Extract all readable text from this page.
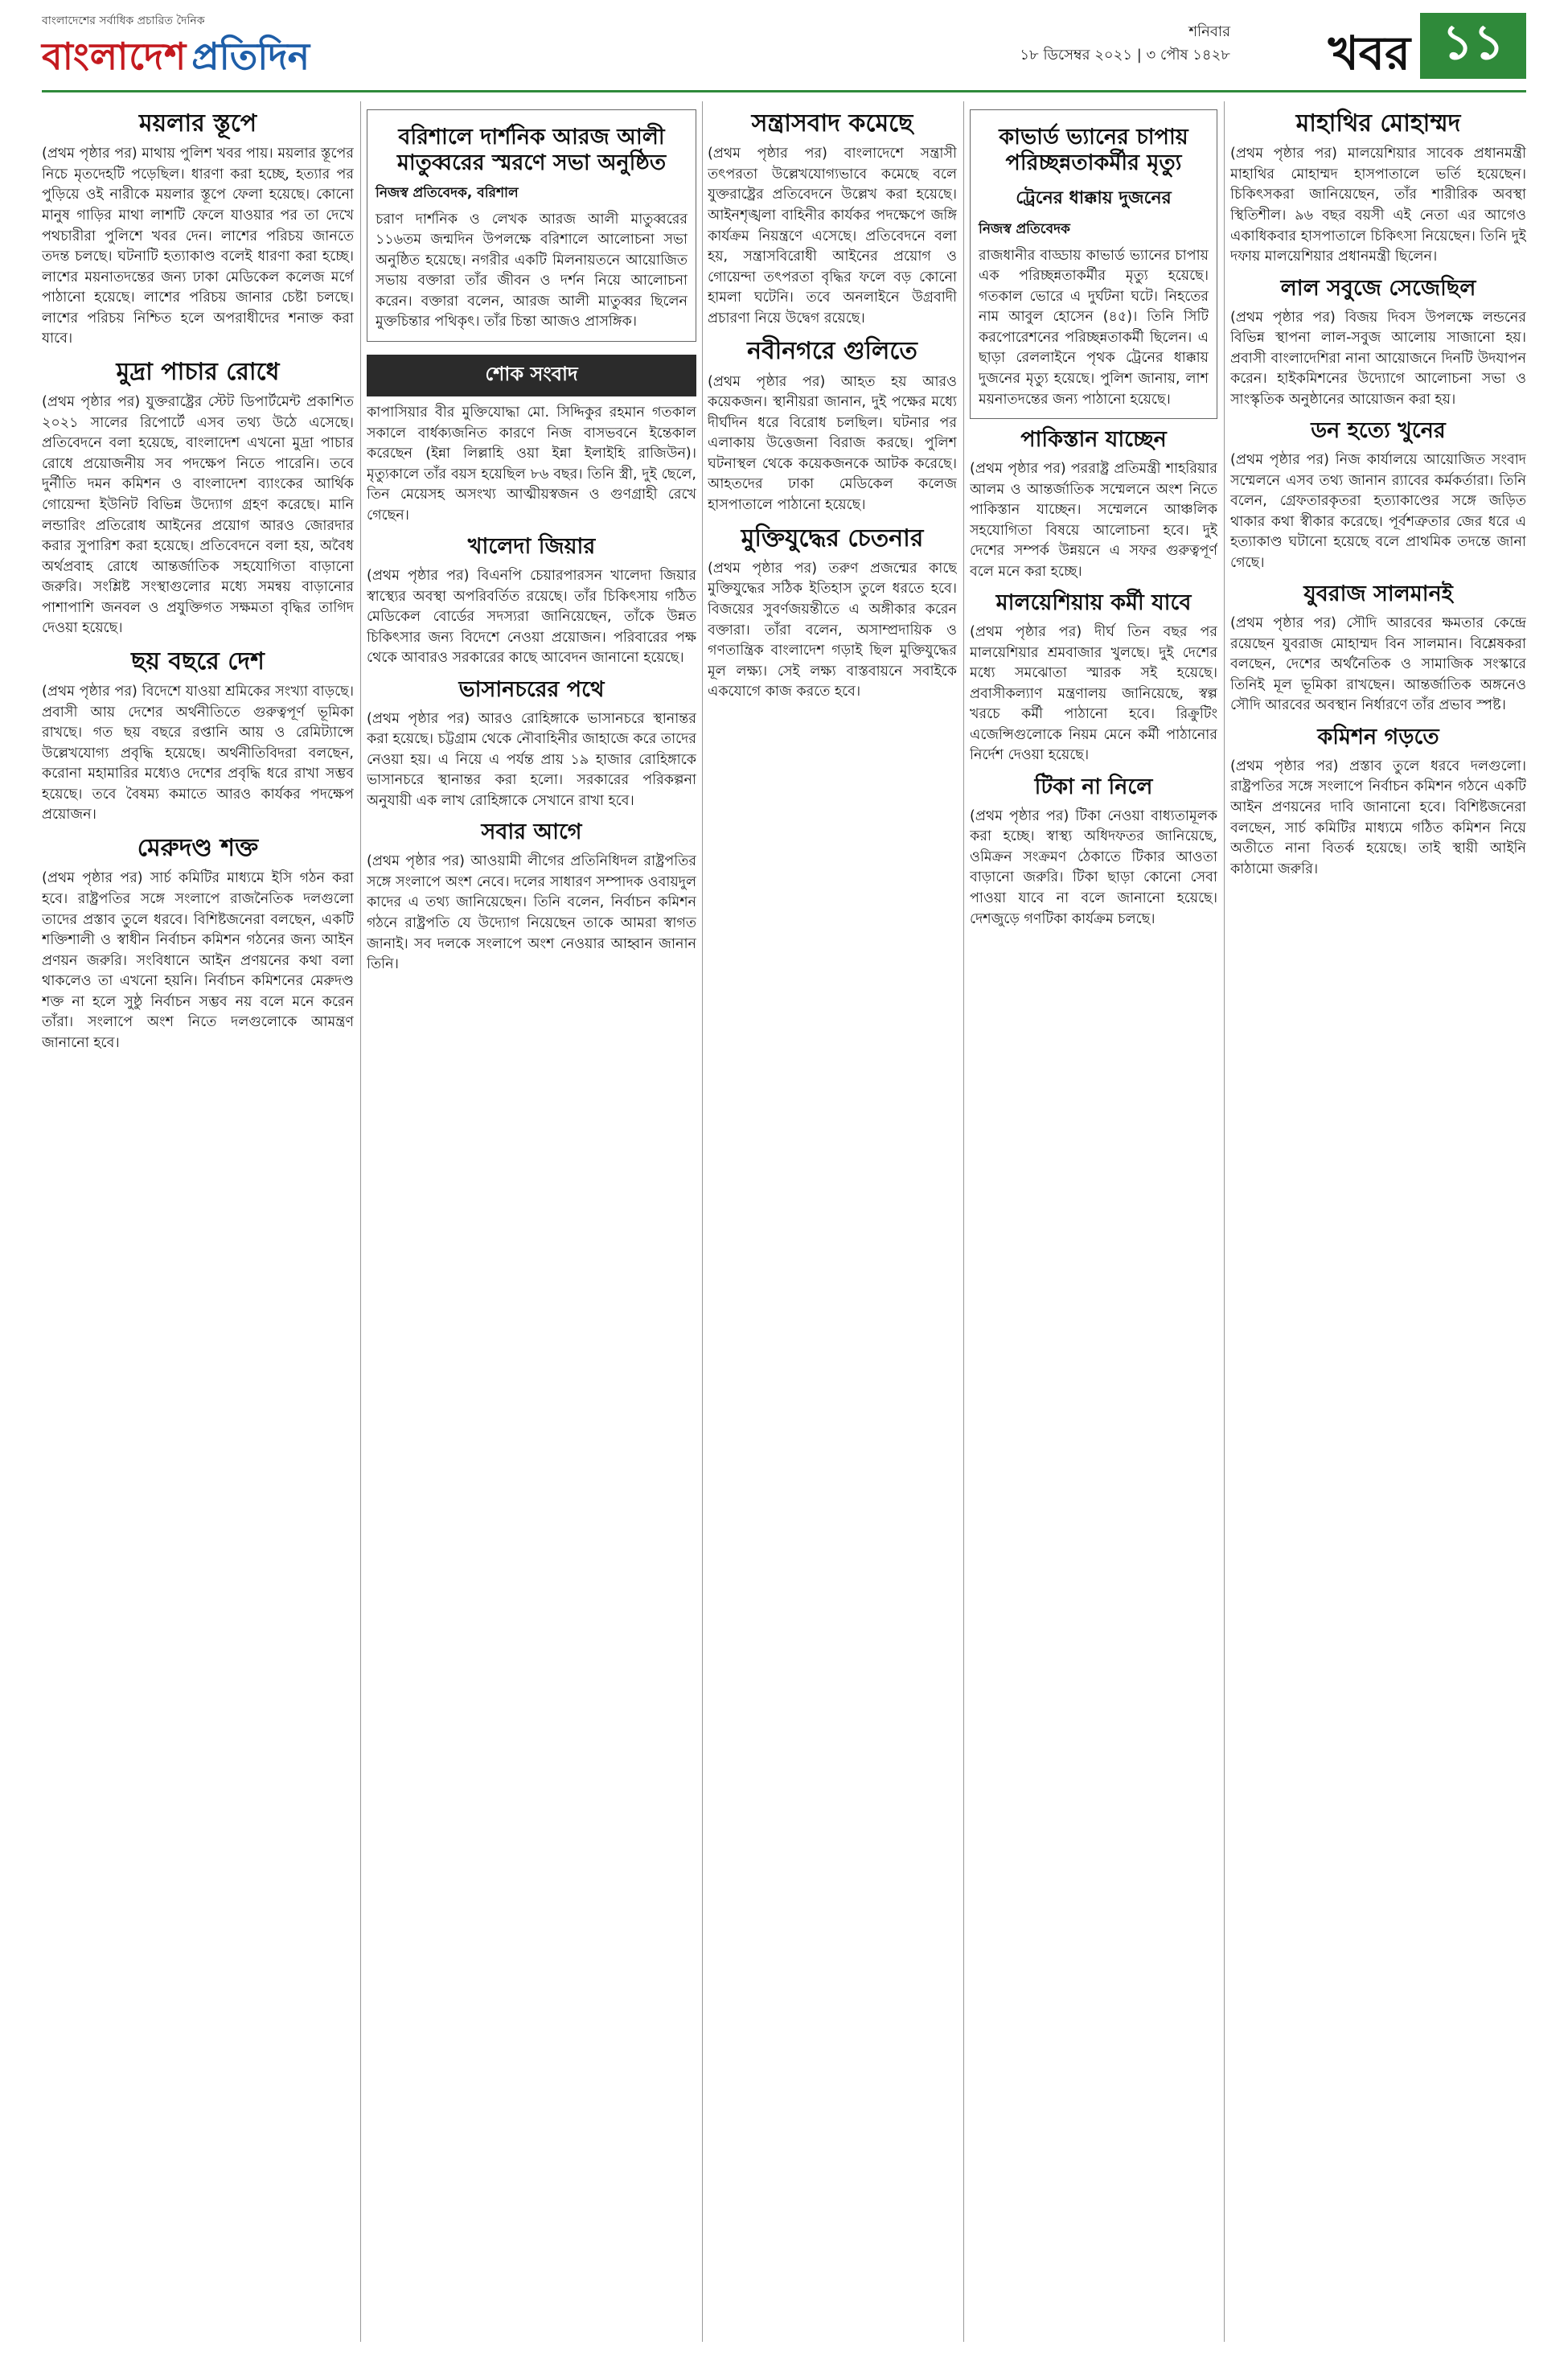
বাংলাদেশের সর্বাধিক প্রচারিত দৈনিক
বাংলাদেশ প্রতিদিন
শনিবার
১৮ ডিসেম্বর ২০২১ | ৩ পৌষ ১৪২৮ খবর ১১
ময়লার স্তূপে

(প্রথম পৃষ্ঠার পর) মাথায় পুলিশ খবর পায়। ময়লার স্তূপের নিচে মৃতদেহটি পড়েছিল। ধারণা করা হচ্ছে, হত্যার পর পুড়িয়ে ওই নারীকে ময়লার স্তূপে ফেলা হয়েছে। কোনো মানুষ গাড়ির মাথা লাশটি ফেলে যাওয়ার পর তা দেখে পথচারীরা পুলিশে খবর দেন। লাশের পরিচয় জানতে তদন্ত চলছে। ঘটনাটি হত্যাকাণ্ড বলেই ধারণা করা হচ্ছে। লাশের ময়নাতদন্তের জন্য ঢাকা মেডিকেল কলেজ মর্গে পাঠানো হয়েছে। লাশের পরিচয় জানার চেষ্টা চলছে। লাশের পরিচয় নিশ্চিত হলে অপরাধীদের শনাক্ত করা যাবে।

মুদ্রা পাচার রোধে

(প্রথম পৃষ্ঠার পর) যুক্তরাষ্ট্রের স্টেট ডিপার্টমেন্ট প্রকাশিত ২০২১ সালের রিপোর্টে এসব তথ্য উঠে এসেছে। প্রতিবেদনে বলা হয়েছে, বাংলাদেশ এখনো মুদ্রা পাচার রোধে প্রয়োজনীয় সব পদক্ষেপ নিতে পারেনি। তবে দুর্নীতি দমন কমিশন ও বাংলাদেশ ব্যাংকের আর্থিক গোয়েন্দা ইউনিট বিভিন্ন উদ্যোগ গ্রহণ করেছে। মানি লন্ডারিং প্রতিরোধ আইনের প্রয়োগ আরও জোরদার করার সুপারিশ করা হয়েছে। প্রতিবেদনে বলা হয়, অবৈধ অর্থপ্রবাহ রোধে আন্তর্জাতিক সহযোগিতা বাড়ানো জরুরি। সংশ্লিষ্ট সংস্থাগুলোর মধ্যে সমন্বয় বাড়ানোর পাশাপাশি জনবল ও প্রযুক্তিগত সক্ষমতা বৃদ্ধির তাগিদ দেওয়া হয়েছে।

ছয় বছরে দেশ

(প্রথম পৃষ্ঠার পর) বিদেশে যাওয়া শ্রমিকের সংখ্যা বাড়ছে। প্রবাসী আয় দেশের অর্থনীতিতে গুরুত্বপূর্ণ ভূমিকা রাখছে। গত ছয় বছরে রপ্তানি আয় ও রেমিট্যান্সে উল্লেখযোগ্য প্রবৃদ্ধি হয়েছে। অর্থনীতিবিদরা বলছেন, করোনা মহামারির মধ্যেও দেশের প্রবৃদ্ধি ধরে রাখা সম্ভব হয়েছে। তবে বৈষম্য কমাতে আরও কার্যকর পদক্ষেপ প্রয়োজন।

মেরুদণ্ড শক্ত

(প্রথম পৃষ্ঠার পর) সার্চ কমিটির মাধ্যমে ইসি গঠন করা হবে। রাষ্ট্রপতির সঙ্গে সংলাপে রাজনৈতিক দলগুলো তাদের প্রস্তাব তুলে ধরবে। বিশিষ্টজনেরা বলছেন, একটি শক্তিশালী ও স্বাধীন নির্বাচন কমিশন গঠনের জন্য আইন প্রণয়ন জরুরি। সংবিধানে আইন প্রণয়নের কথা বলা থাকলেও তা এখনো হয়নি। নির্বাচন কমিশনের মেরুদণ্ড শক্ত না হলে সুষ্ঠু নির্বাচন সম্ভব নয় বলে মনে করেন তাঁরা। সংলাপে অংশ নিতে দলগুলোকে আমন্ত্রণ জানানো হবে।

বরিশালে দার্শনিক আরজ আলী মাতুব্বরের স্মরণে সভা অনুষ্ঠিত
নিজস্ব প্রতিবেদক, বরিশাল

চরাণ দার্শনিক ও লেখক আরজ আলী মাতুব্বরের ১১৬তম জন্মদিন উপলক্ষে বরিশালে আলোচনা সভা অনুষ্ঠিত হয়েছে। নগরীর একটি মিলনায়তনে আয়োজিত সভায় বক্তারা তাঁর জীবন ও দর্শন নিয়ে আলোচনা করেন। বক্তারা বলেন, আরজ আলী মাতুব্বর ছিলেন মুক্তচিন্তার পথিকৃৎ। তাঁর চিন্তা আজও প্রাসঙ্গিক।

শোক সংবাদ

কাপাসিয়ার বীর মুক্তিযোদ্ধা মো. সিদ্দিকুর রহমান গতকাল সকালে বার্ধক্যজনিত কারণে নিজ বাসভবনে ইন্তেকাল করেছেন (ইন্না লিল্লাহি ওয়া ইন্না ইলাইহি রাজিউন)। মৃত্যুকালে তাঁর বয়স হয়েছিল ৮৬ বছর। তিনি স্ত্রী, দুই ছেলে, তিন মেয়েসহ অসংখ্য আত্মীয়স্বজন ও গুণগ্রাহী রেখে গেছেন।

খালেদা জিয়ার

(প্রথম পৃষ্ঠার পর) বিএনপি চেয়ারপারসন খালেদা জিয়ার স্বাস্থ্যের অবস্থা অপরিবর্তিত রয়েছে। তাঁর চিকিৎসায় গঠিত মেডিকেল বোর্ডের সদস্যরা জানিয়েছেন, তাঁকে উন্নত চিকিৎসার জন্য বিদেশে নেওয়া প্রয়োজন। পরিবারের পক্ষ থেকে আবারও সরকারের কাছে আবেদন জানানো হয়েছে।

ভাসানচরের পথে

(প্রথম পৃষ্ঠার পর) আরও রোহিঙ্গাকে ভাসানচরে স্থানান্তর করা হয়েছে। চট্টগ্রাম থেকে নৌবাহিনীর জাহাজে করে তাদের নেওয়া হয়। এ নিয়ে এ পর্যন্ত প্রায় ১৯ হাজার রোহিঙ্গাকে ভাসানচরে স্থানান্তর করা হলো। সরকারের পরিকল্পনা অনুযায়ী এক লাখ রোহিঙ্গাকে সেখানে রাখা হবে।

সবার আগে

(প্রথম পৃষ্ঠার পর) আওয়ামী লীগের প্রতিনিধিদল রাষ্ট্রপতির সঙ্গে সংলাপে অংশ নেবে। দলের সাধারণ সম্পাদক ওবায়দুল কাদের এ তথ্য জানিয়েছেন। তিনি বলেন, নির্বাচন কমিশন গঠনে রাষ্ট্রপতি যে উদ্যোগ নিয়েছেন তাকে আমরা স্বাগত জানাই। সব দলকে সংলাপে অংশ নেওয়ার আহ্বান জানান তিনি।

সন্ত্রাসবাদ কমেছে

(প্রথম পৃষ্ঠার পর) বাংলাদেশে সন্ত্রাসী তৎপরতা উল্লেখযোগ্যভাবে কমেছে বলে যুক্তরাষ্ট্রের প্রতিবেদনে উল্লেখ করা হয়েছে। আইনশৃঙ্খলা বাহিনীর কার্যকর পদক্ষেপে জঙ্গি কার্যক্রম নিয়ন্ত্রণে এসেছে। প্রতিবেদনে বলা হয়, সন্ত্রাসবিরোধী আইনের প্রয়োগ ও গোয়েন্দা তৎপরতা বৃদ্ধির ফলে বড় কোনো হামলা ঘটেনি। তবে অনলাইনে উগ্রবাদী প্রচারণা নিয়ে উদ্বেগ রয়েছে।

নবীনগরে গুলিতে

(প্রথম পৃষ্ঠার পর) আহত হয় আরও কয়েকজন। স্থানীয়রা জানান, দুই পক্ষের মধ্যে দীর্ঘদিন ধরে বিরোধ চলছিল। ঘটনার পর এলাকায় উত্তেজনা বিরাজ করছে। পুলিশ ঘটনাস্থল থেকে কয়েকজনকে আটক করেছে। আহতদের ঢাকা মেডিকেল কলেজ হাসপাতালে পাঠানো হয়েছে।

মুক্তিযুদ্ধের চেতনার

(প্রথম পৃষ্ঠার পর) তরুণ প্রজন্মের কাছে মুক্তিযুদ্ধের সঠিক ইতিহাস তুলে ধরতে হবে। বিজয়ের সুবর্ণজয়ন্তীতে এ অঙ্গীকার করেন বক্তারা। তাঁরা বলেন, অসাম্প্রদায়িক ও গণতান্ত্রিক বাংলাদেশ গড়াই ছিল মুক্তিযুদ্ধের মূল লক্ষ্য। সেই লক্ষ্য বাস্তবায়নে সবাইকে একযোগে কাজ করতে হবে।

কাভার্ড ভ্যানের চাপায় পরিচ্ছন্নতাকর্মীর মৃত্যু
ট্রেনের ধাক্কায় দুজনের
নিজস্ব প্রতিবেদক

রাজধানীর বাড্ডায় কাভার্ড ভ্যানের চাপায় এক পরিচ্ছন্নতাকর্মীর মৃত্যু হয়েছে। গতকাল ভোরে এ দুর্ঘটনা ঘটে। নিহতের নাম আবুল হোসেন (৪৫)। তিনি সিটি করপোরেশনের পরিচ্ছন্নতাকর্মী ছিলেন। এ ছাড়া রেললাইনে পৃথক ট্রেনের ধাক্কায় দুজনের মৃত্যু হয়েছে। পুলিশ জানায়, লাশ ময়নাতদন্তের জন্য পাঠানো হয়েছে।

পাকিস্তান যাচ্ছেন

(প্রথম পৃষ্ঠার পর) পররাষ্ট্র প্রতিমন্ত্রী শাহরিয়ার আলম ও আন্তর্জাতিক সম্মেলনে অংশ নিতে পাকিস্তান যাচ্ছেন। সম্মেলনে আঞ্চলিক সহযোগিতা বিষয়ে আলোচনা হবে। দুই দেশের সম্পর্ক উন্নয়নে এ সফর গুরুত্বপূর্ণ বলে মনে করা হচ্ছে।

মালয়েশিয়ায় কর্মী যাবে

(প্রথম পৃষ্ঠার পর) দীর্ঘ তিন বছর পর মালয়েশিয়ার শ্রমবাজার খুলছে। দুই দেশের মধ্যে সমঝোতা স্মারক সই হয়েছে। প্রবাসীকল্যাণ মন্ত্রণালয় জানিয়েছে, স্বল্প খরচে কর্মী পাঠানো হবে। রিক্রুটিং এজেন্সিগুলোকে নিয়ম মেনে কর্মী পাঠানোর নির্দেশ দেওয়া হয়েছে।

টিকা না নিলে

(প্রথম পৃষ্ঠার পর) টিকা নেওয়া বাধ্যতামূলক করা হচ্ছে। স্বাস্থ্য অধিদফতর জানিয়েছে, ওমিক্রন সংক্রমণ ঠেকাতে টিকার আওতা বাড়ানো জরুরি। টিকা ছাড়া কোনো সেবা পাওয়া যাবে না বলে জানানো হয়েছে। দেশজুড়ে গণটিকা কার্যক্রম চলছে।

মাহাথির মোহাম্মদ

(প্রথম পৃষ্ঠার পর) মালয়েশিয়ার সাবেক প্রধানমন্ত্রী মাহাথির মোহাম্মদ হাসপাতালে ভর্তি হয়েছেন। চিকিৎসকরা জানিয়েছেন, তাঁর শারীরিক অবস্থা স্থিতিশীল। ৯৬ বছর বয়সী এই নেতা এর আগেও একাধিকবার হাসপাতালে চিকিৎসা নিয়েছেন। তিনি দুই দফায় মালয়েশিয়ার প্রধানমন্ত্রী ছিলেন।

লাল সবুজে সেজেছিল

(প্রথম পৃষ্ঠার পর) বিজয় দিবস উপলক্ষে লন্ডনের বিভিন্ন স্থাপনা লাল-সবুজ আলোয় সাজানো হয়। প্রবাসী বাংলাদেশিরা নানা আয়োজনে দিনটি উদযাপন করেন। হাইকমিশনের উদ্যোগে আলোচনা সভা ও সাংস্কৃতিক অনুষ্ঠানের আয়োজন করা হয়।

ডন হত্যে খুনের

(প্রথম পৃষ্ঠার পর) নিজ কার্যালয়ে আয়োজিত সংবাদ সম্মেলনে এসব তথ্য জানান র‍্যাবের কর্মকর্তারা। তিনি বলেন, গ্রেফতারকৃতরা হত্যাকাণ্ডের সঙ্গে জড়িত থাকার কথা স্বীকার করেছে। পূর্বশত্রুতার জের ধরে এ হত্যাকাণ্ড ঘটানো হয়েছে বলে প্রাথমিক তদন্তে জানা গেছে।

যুবরাজ সালমানই

(প্রথম পৃষ্ঠার পর) সৌদি আরবের ক্ষমতার কেন্দ্রে রয়েছেন যুবরাজ মোহাম্মদ বিন সালমান। বিশ্লেষকরা বলছেন, দেশের অর্থনৈতিক ও সামাজিক সংস্কারে তিনিই মূল ভূমিকা রাখছেন। আন্তর্জাতিক অঙ্গনেও সৌদি আরবের অবস্থান নির্ধারণে তাঁর প্রভাব স্পষ্ট।

কমিশন গড়তে

(প্রথম পৃষ্ঠার পর) প্রস্তাব তুলে ধরবে দলগুলো। রাষ্ট্রপতির সঙ্গে সংলাপে নির্বাচন কমিশন গঠনে একটি আইন প্রণয়নের দাবি জানানো হবে। বিশিষ্টজনেরা বলছেন, সার্চ কমিটির মাধ্যমে গঠিত কমিশন নিয়ে অতীতে নানা বিতর্ক হয়েছে। তাই স্থায়ী আইনি কাঠামো জরুরি।
